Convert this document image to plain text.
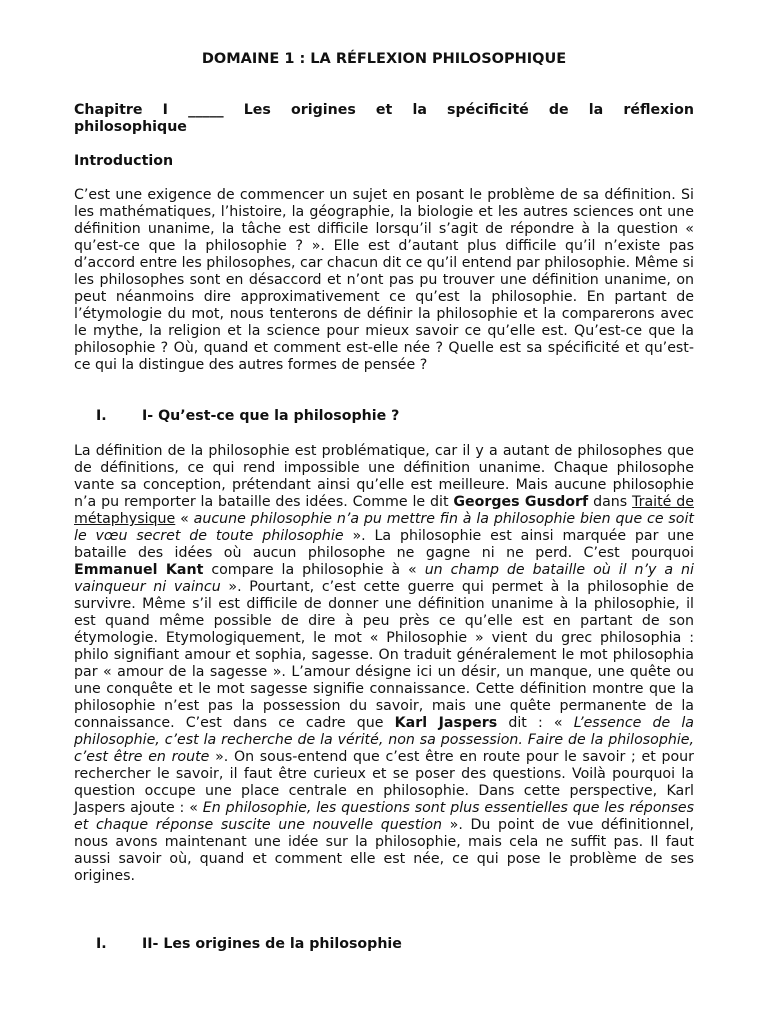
DOMAINE 1 : LA RÉFLEXION PHILOSOPHIQUE
Chapitre I _____ Les origines et la spécificité de la réflexion
philosophique
Introduction
C’est une exigence de commencer un sujet en posant le problème de sa définition. Si les mathématiques, l’histoire, la géographie, la biologie et les autres sciences ont une définition unanime, la tâche est difficile lorsqu’il s’agit de répondre à la question « qu’est-ce que la philosophie ? ». Elle est d’autant plus difficile qu’il n’existe pas d’accord entre les philosophes, car chacun dit ce qu’il entend par philosophie. Même si les philosophes sont en désaccord et n’ont pas pu trouver une définition unanime, on peut néanmoins dire approximativement ce qu’est la philosophie. En partant de l’étymologie du mot, nous tenterons de définir la philosophie et la comparerons avec le mythe, la religion et la science pour mieux savoir ce qu’elle est. Qu’est-ce que la philosophie ? Où, quand et comment est-elle née ? Quelle est sa spécificité et qu’est-ce qui la distingue des autres formes de pensée ?
I. I- Qu’est-ce que la philosophie ?
La définition de la philosophie est problématique, car il y a autant de philosophes que de définitions, ce qui rend impossible une définition unanime. Chaque philosophe vante sa conception, prétendant ainsi qu’elle est meilleure. Mais aucune philosophie n’a pu remporter la bataille des idées. Comme le dit Georges Gusdorf dans Traité de métaphysique « aucune philosophie n’a pu mettre fin à la philosophie bien que ce soit le vœu secret de toute philosophie ». La philosophie est ainsi marquée par une bataille des idées où aucun philosophe ne gagne ni ne perd. C’est pourquoi Emmanuel Kant compare la philosophie à « un champ de bataille où il n’y a ni vainqueur ni vaincu ». Pourtant, c’est cette guerre qui permet à la philosophie de survivre. Même s’il est difficile de donner une définition unanime à la philosophie, il est quand même possible de dire à peu près ce qu’elle est en partant de son étymologie. Etymologiquement, le mot « Philosophie » vient du grec philosophia : philo signifiant amour et sophia, sagesse. On traduit généralement le mot philosophia par « amour de la sagesse ». L’amour désigne ici un désir, un manque, une quête ou une conquête et le mot sagesse signifie connaissance. Cette définition montre que la philosophie n’est pas la possession du savoir, mais une quête permanente de la connaissance. C’est dans ce cadre que Karl Jaspers dit : « L’essence de la philosophie, c’est la recherche de la vérité, non sa possession. Faire de la philosophie, c’est être en route ». On sous-entend que c’est être en route pour le savoir ; et pour rechercher le savoir, il faut être curieux et se poser des questions. Voilà pourquoi la question occupe une place centrale en philosophie. Dans cette perspective, Karl Jaspers ajoute : « En philosophie, les questions sont plus essentielles que les réponses et chaque réponse suscite une nouvelle question ». Du point de vue définitionnel, nous avons maintenant une idée sur la philosophie, mais cela ne suffit pas. Il faut aussi savoir où, quand et comment elle est née, ce qui pose le problème de ses origines.
I. II- Les origines de la philosophie
